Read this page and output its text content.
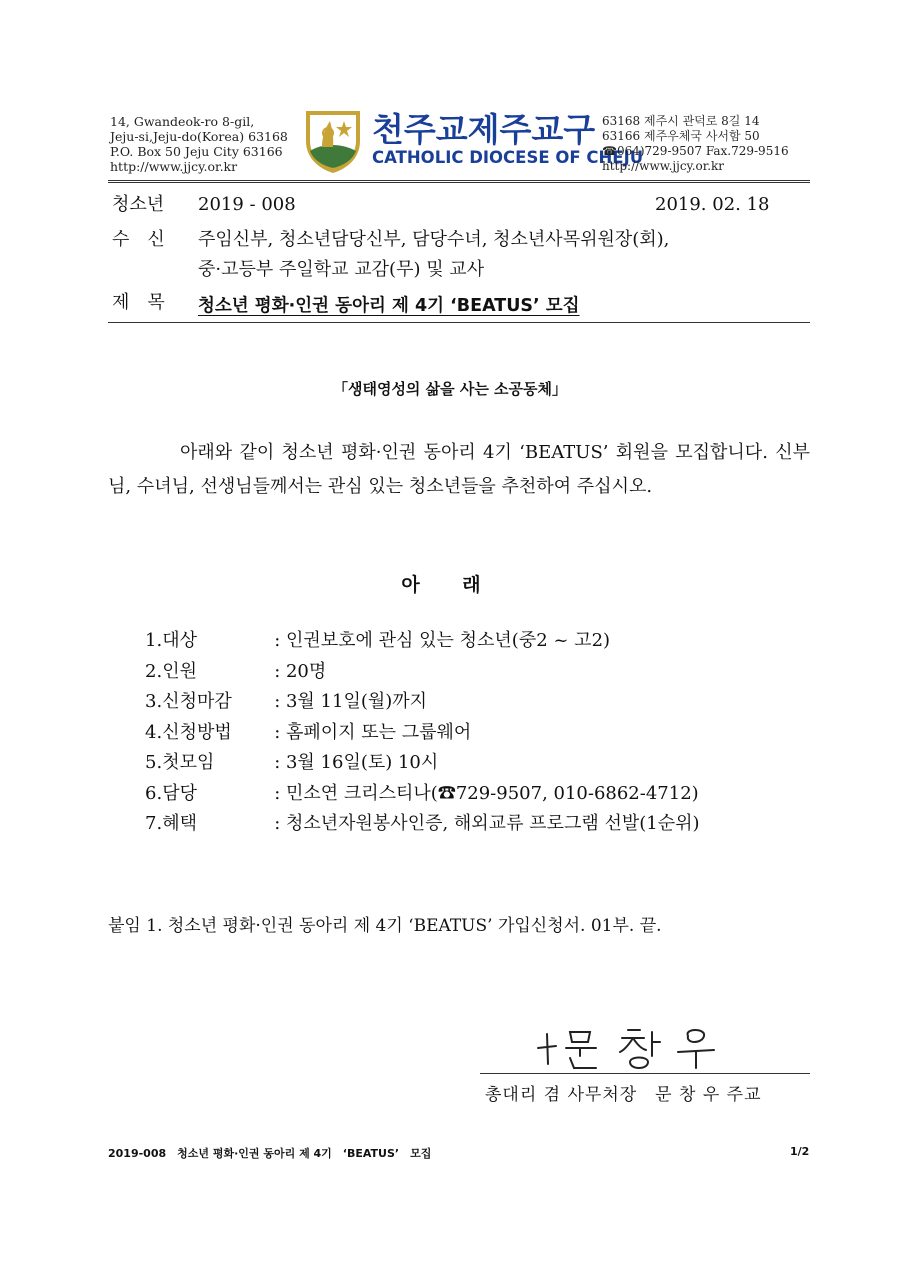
14, Gwandeok-ro 8-gil,
Jeju-si,Jeju-do(Korea) 63168
P.O. Box 50 Jeju City 63166
http://www.jjcy.or.kr
천주교제주교구
CATHOLIC DIOCESE OF CHEJU
63168 제주시 관덕로 8길 14
63166 제주우체국 사서함 50
☎064)729-9507 Fax.729-9516
http://www.jjcy.or.kr
청소년 2019 - 008	2019. 02. 18
수　신 주임신부, 청소년담당신부, 담당수녀, 청소년사목위원장(회),
중·고등부 주일학교 교감(무) 및 교사
제　목 청소년 평화·인권 동아리 제 4기 ‘BEATUS’ 모집
「생태영성의 삶을 사는 소공동체」
아래와 같이 청소년 평화·인권 동아리 4기 ‘BEATUS’ 회원을 모집합니다. 신부님, 수녀님, 선생님들께서는 관심 있는 청소년들을 추천하여 주십시오.
아 래
1. 대상	: 인권보호에 관심 있는 청소년(중2 ~ 고2)
2. 인원	: 20명
3. 신청마감	: 3월 11일(월)까지
4. 신청방법	: 홈페이지 또는 그룹웨어
5. 첫모임	: 3월 16일(토) 10시
6. 담당	: 민소연 크리스티나(☎729-9507, 010-6862-4712)
7. 혜택	: 청소년자원봉사인증, 해외교류 프로그램 선발(1순위)
붙임 1. 청소년 평화·인권 동아리 제 4기 ‘BEATUS’ 가입신청서. 01부. 끝.
총대리 겸 사무처장　문 창 우 주교
2019-008　청소년 평화·인권 동아리 제 4기　‘BEATUS’　모집	1/2
